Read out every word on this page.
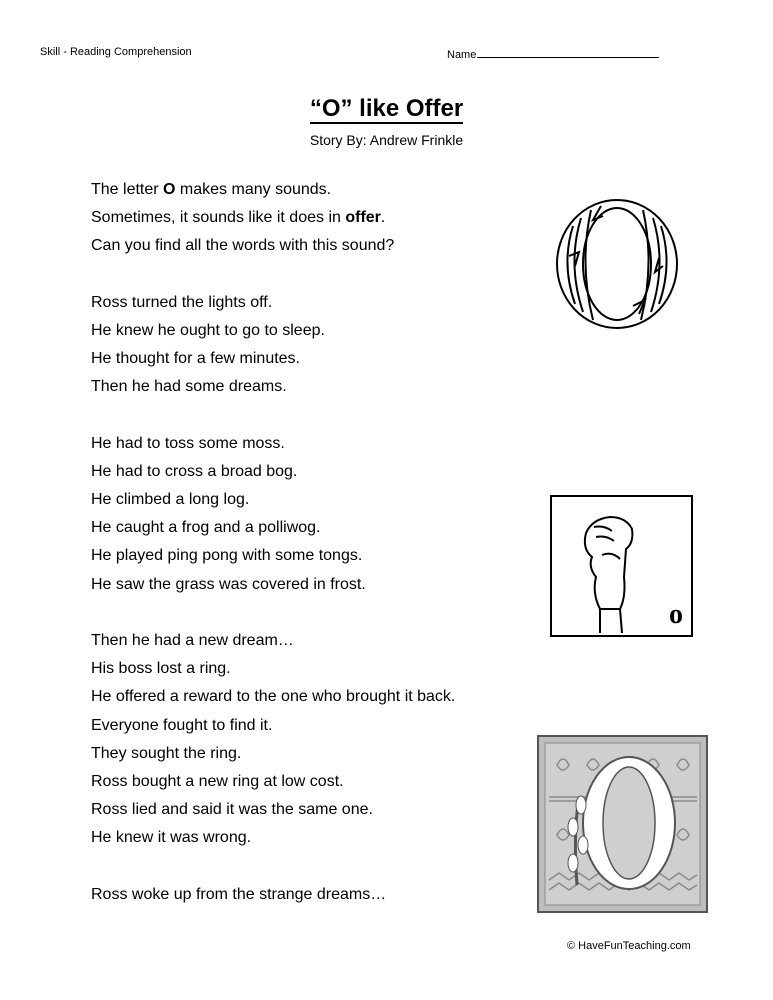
Skill - Reading Comprehension	Name
“O” like Offer
Story By: Andrew Frinkle
The letter O makes many sounds.
Sometimes, it sounds like it does in offer.
Can you find all the words with this sound?
Ross turned the lights off.
He knew he ought to go to sleep.
He thought for a few minutes.
Then he had some dreams.
He had to toss some moss.
He had to cross a broad bog.
He climbed a long log.
He caught a frog and a polliwog.
He played ping pong with some tongs.
He saw the grass was covered in frost.
Then he had a new dream…
His boss lost a ring.
He offered a reward to the one who brought it back.
Everyone fought to find it.
They sought the ring.
Ross bought a new ring at low cost.
Ross lied and said it was the same one.
He knew it was wrong.
Ross woke up from the strange dreams…
o
© HaveFunTeaching.com
